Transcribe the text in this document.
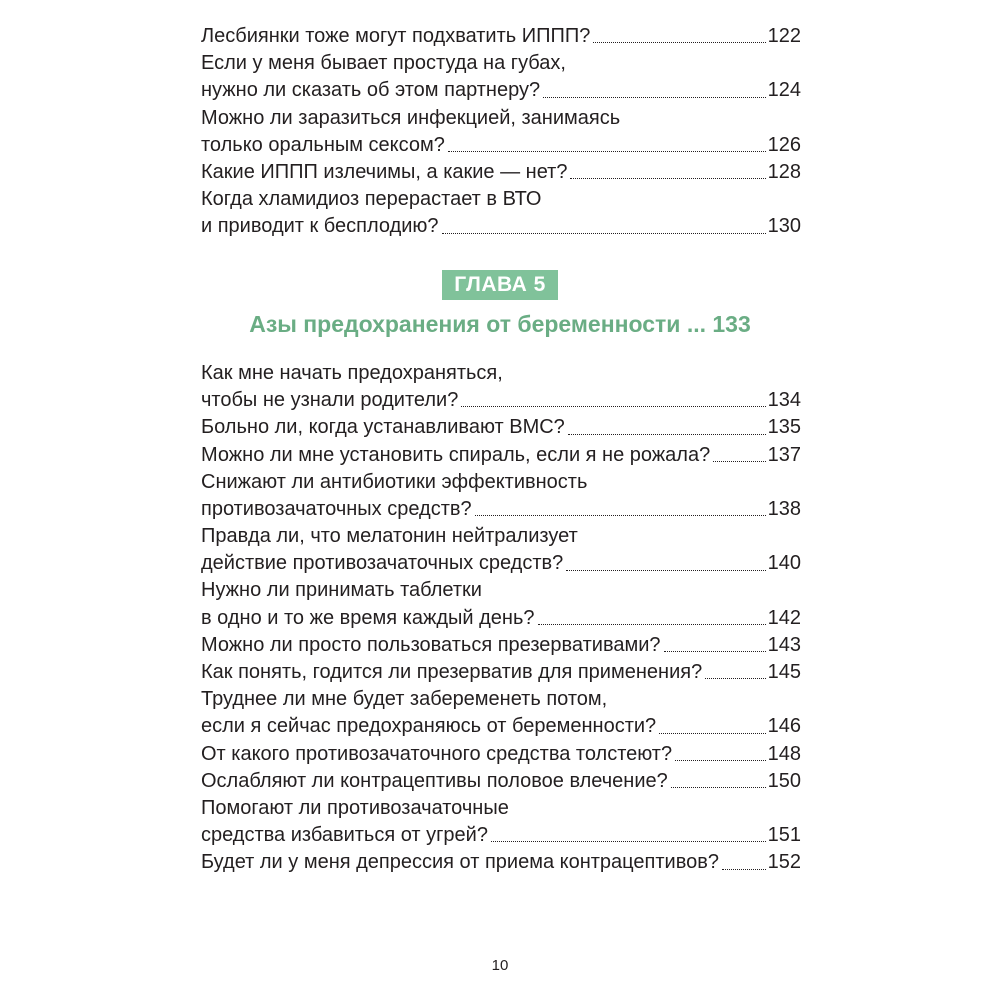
Лесбиянки тоже могут подхватить ИППП?	122
Если у меня бывает простуда на губах,
нужно ли сказать об этом партнеру?	124
Можно ли заразиться инфекцией, занимаясь
только оральным сексом?	126
Какие ИППП излечимы, а какие — нет?	128
Когда хламидиоз перерастает в ВТО
и приводит к бесплодию?	130
ГЛАВА 5
Азы предохранения от беременности ... 133
Как мне начать предохраняться,
чтобы не узнали родители?	134
Больно ли, когда устанавливают ВМС?	135
Можно ли мне установить спираль, если я не рожала?	137
Снижают ли антибиотики эффективность
противозачаточных средств?	138
Правда ли, что мелатонин нейтрализует
действие противозачаточных средств?	140
Нужно ли принимать таблетки
в одно и то же время каждый день?	142
Можно ли просто пользоваться презервативами?	143
Как понять, годится ли презерватив для применения?	145
Труднее ли мне будет забеременеть потом,
если я сейчас предохраняюсь от беременности?	146
От какого противозачаточного средства толстеют?	148
Ослабляют ли контрацептивы половое влечение?	150
Помогают ли противозачаточные
средства избавиться от угрей?	151
Будет ли у меня депрессия от приема контрацептивов? 152
10
